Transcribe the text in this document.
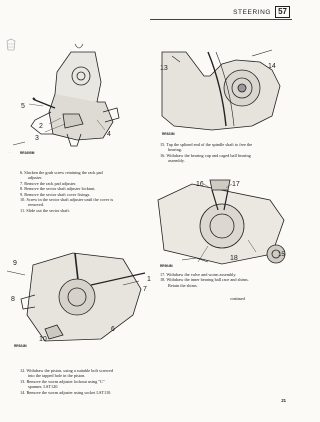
STEERING 57
5
4
2
3
RR1695M
· ·
6. Slacken the grub screw retaining the rack pad
adjuster.
7. Remove the rack pad adjuster.
8. Remove the sector shaft adjuster locknut.
9. Remove the sector shaft cover fixings.
10. Screw in the sector shaft adjuster until the cover is
removed.
11. Slide out the sector shaft.
13	14
RR923M
15. Tap the splined end of the spindle shaft to free the
bearing.
16. Withdraw the bearing cup and caged ball bearing
assembly.
16	17
18	15
RR904M
17. Withdraw the valve and worm assembly.
18. Withdraw the inner bearing ball race and shims.
Retain the shims.
continued
9
1
7
8
6
10
RR924M
˙·
12. Withdraw the piston, using a suitable bolt screwed
into the tapped hole in the piston.
13. Remove the worm adjuster locknut using "C"
spanner, LST120.
14. Remove the worm adjuster using socket LST110.
21
